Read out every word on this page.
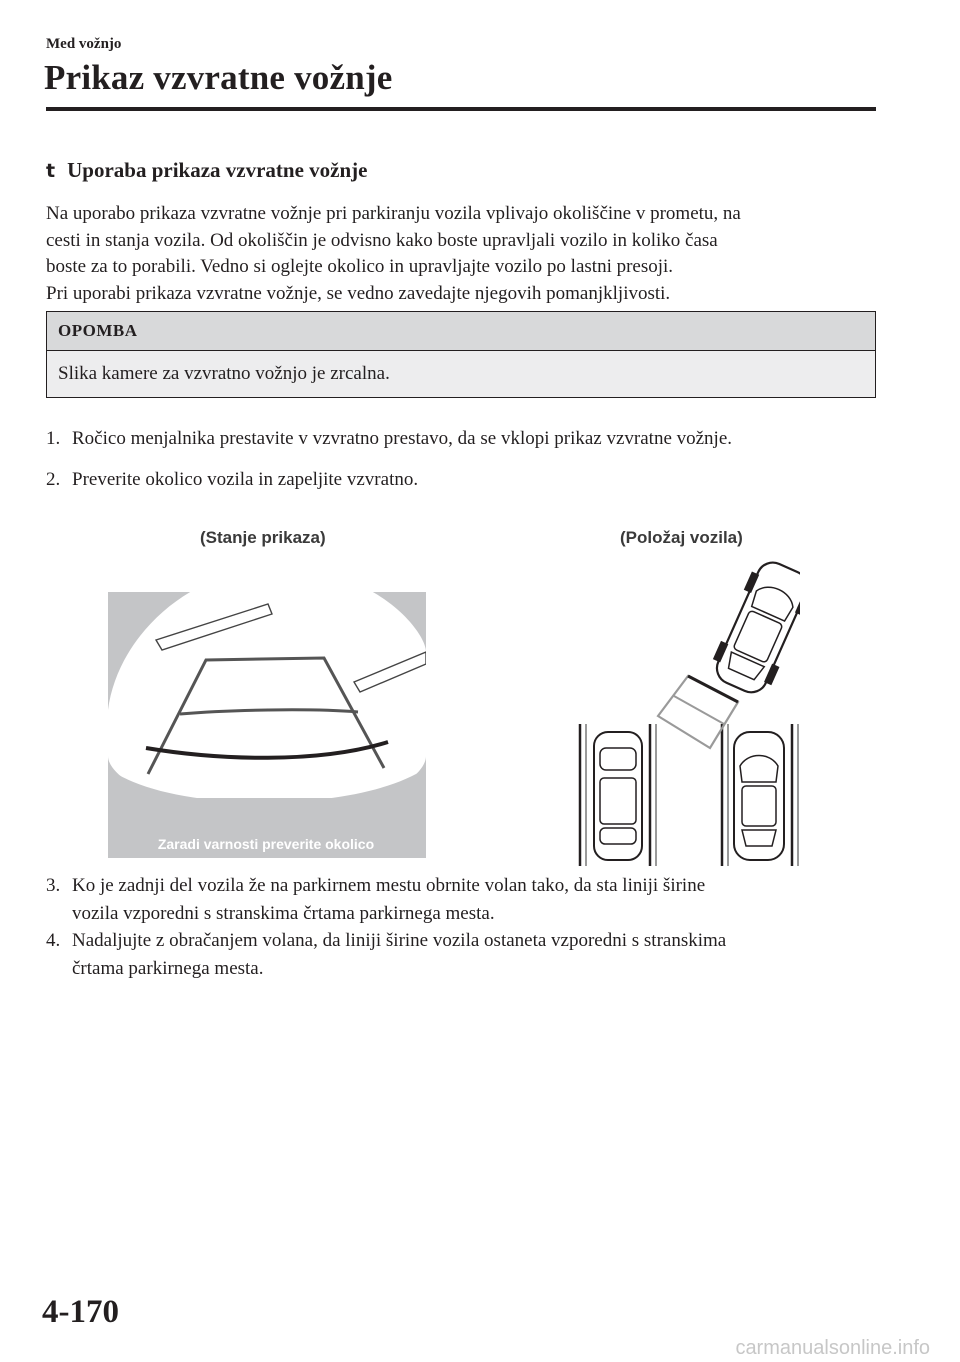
Med vožnjo
Prikaz vzvratne vožnje
t Uporaba prikaza vzvratne vožnje

Na uporabo prikaza vzvratne vožnje pri parkiranju vozila vplivajo okoliščine v prometu, na

cesti in stanja vozila. Od okoliščin je odvisno kako boste upravljali vozilo in koliko časa

boste za to porabili. Vedno si oglejte okolico in upravljajte vozilo po lastni presoji.

Pri uporabi prikaza vzvratne vožnje, se vedno zavedajte njegovih pomanjkljivosti.

OPOMBA
Slika kamere za vzvratno vožnjo je zrcalna.
1. Ročico menjalnika prestavite v vzvratno prestavo, da se vklopi prikaz vzvratne vožnje.
2. Preverite okolico vozila in zapeljite vzvratno.
(Stanje prikaza)	(Položaj vozila)
Zaradi varnosti preverite okolico
3. Ko je zadnji del vozila že na parkirnem mestu obrnite volan tako, da sta liniji širine
vozila vzporedni s stranskima črtama parkirnega mesta.
4. Nadaljujte z obračanjem volana, da liniji širine vozila ostaneta vzporedni s stranskima
črtama parkirnega mesta.
4-170
carmanualsonline.info
